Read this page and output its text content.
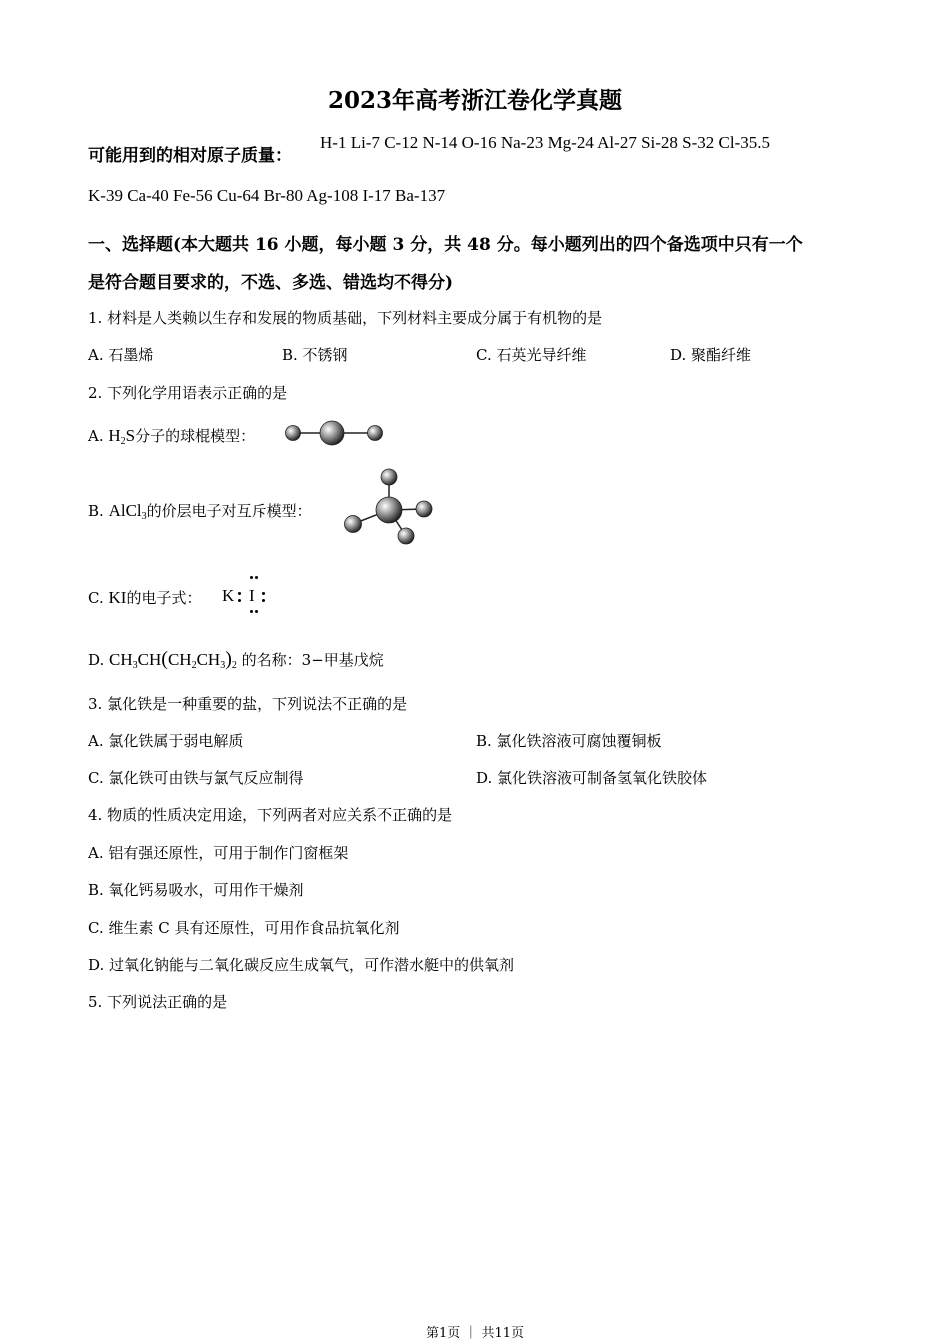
2023年高考浙江卷化学真题
可能用到的相对原子质量：
H-1 Li-7 C-12 N-14 O-16 Na-23 Mg-24 Al-27 Si-28 S-32 Cl-35.5
K-39 Ca-40 Fe-56 Cu-64 Br-80 Ag-108 I-17 Ba-137
一、选择题(本大题共 16 小题，每小题 3 分，共 48 分。每小题列出的四个备选项中只有一个
是符合题目要求的，不选、多选、错选均不得分)
1. 材料是人类赖以生存和发展的物质基础，下列材料主要成分属于有机物的是
A. 石墨烯	B. 不锈钢	C. 石英光导纤维	D. 聚酯纤维
2. 下列化学用语表示正确的是
A. $H_2S$分子的球棍模型：
B. AlCl$_3$的价层电子对互斥模型：
C. KI的电子式： K I
D. $CH_3CH(CH_2CH_3)_2$ 的名称：3−甲基戊烷
3. 氯化铁是一种重要的盐，下列说法不正确的是
A. 氯化铁属于弱电解质	B. 氯化铁溶液可腐蚀覆铜板
C. 氯化铁可由铁与氯气反应制得	D. 氯化铁溶液可制备氢氧化铁胶体
4. 物质的性质决定用途，下列两者对应关系不正确的是
A. 铝有强还原性，可用于制作门窗框架
B. 氧化钙易吸水，可用作干燥剂
C. 维生素 C 具有还原性，可用作食品抗氧化剂
D. 过氧化钠能与二氧化碳反应生成氧气，可作潜水艇中的供氧剂
5. 下列说法正确的是
第1页 ｜ 共11页
